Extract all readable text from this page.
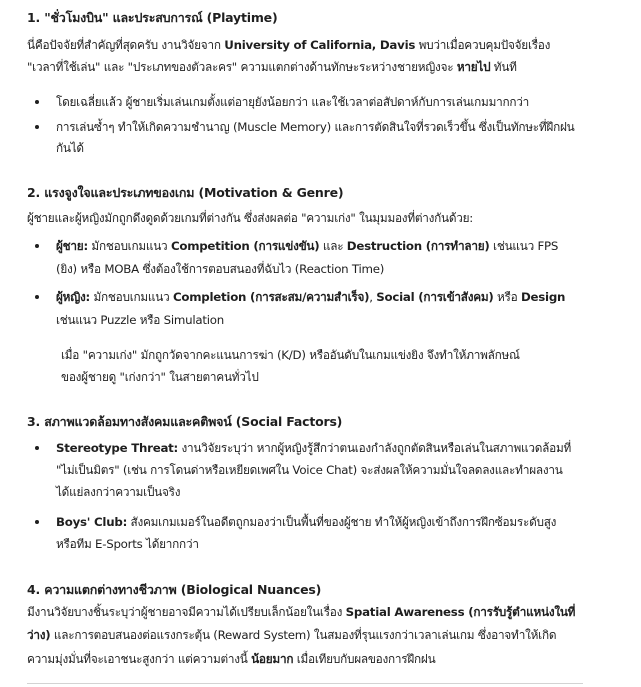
1. "ชั่วโมงบิน" และประสบการณ์ (Playtime)
นี่คือปัจจัยที่สำคัญที่สุดครับ งานวิจัยจาก University of California, Davis พบว่าเมื่อควบคุมปัจจัยเรื่อง
"เวลาที่ใช้เล่น" และ "ประเภทของตัวละคร" ความแตกต่างด้านทักษะระหว่างชายหญิงจะ หายไป ทันที
โดยเฉลี่ยแล้ว ผู้ชายเริ่มเล่นเกมตั้งแต่อายุยังน้อยกว่า และใช้เวลาต่อสัปดาห์กับการเล่นเกมมากกว่า
การเล่นซ้ำๆ ทำให้เกิดความชำนาญ (Muscle Memory) และการตัดสินใจที่รวดเร็วขึ้น ซึ่งเป็นทักษะที่ฝึกฝน
กันได้
2. แรงจูงใจและประเภทของเกม (Motivation & Genre)
ผู้ชายและผู้หญิงมักถูกดึงดูดด้วยเกมที่ต่างกัน ซึ่งส่งผลต่อ "ความเก่ง" ในมุมมองที่ต่างกันด้วย:
ผู้ชาย: มักชอบเกมแนว Competition (การแข่งขัน) และ Destruction (การทำลาย) เช่นแนว FPS
(ยิง) หรือ MOBA ซึ่งต้องใช้การตอบสนองที่ฉับไว (Reaction Time)
ผู้หญิง: มักชอบเกมแนว Completion (การสะสม/ความสำเร็จ), Social (การเข้าสังคม) หรือ Design
เช่นแนว Puzzle หรือ Simulation
เมื่อ "ความเก่ง" มักถูกวัดจากคะแนนการฆ่า (K/D) หรืออันดับในเกมแข่งยิง จึงทำให้ภาพลักษณ์
ของผู้ชายดู "เก่งกว่า" ในสายตาคนทั่วไป
3. สภาพแวดล้อมทางสังคมและคติพจน์ (Social Factors)
Stereotype Threat: งานวิจัยระบุว่า หากผู้หญิงรู้สึกว่าตนเองกำลังถูกตัดสินหรือเล่นในสภาพแวดล้อมที่
"ไม่เป็นมิตร" (เช่น การโดนด่าหรือเหยียดเพศใน Voice Chat) จะส่งผลให้ความมั่นใจลดลงและทำผลงาน
ได้แย่ลงกว่าความเป็นจริง
Boys' Club: สังคมเกมเมอร์ในอดีตถูกมองว่าเป็นพื้นที่ของผู้ชาย ทำให้ผู้หญิงเข้าถึงการฝึกซ้อมระดับสูง
หรือทีม E-Sports ได้ยากกว่า
4. ความแตกต่างทางชีวภาพ (Biological Nuances)
มีงานวิจัยบางชิ้นระบุว่าผู้ชายอาจมีความได้เปรียบเล็กน้อยในเรื่อง Spatial Awareness (การรับรู้ตำแหน่งในที่
ว่าง) และการตอบสนองต่อแรงกระตุ้น (Reward System) ในสมองที่รุนแรงกว่าเวลาเล่นเกม ซึ่งอาจทำให้เกิด
ความมุ่งมั่นที่จะเอาชนะสูงกว่า แต่ความต่างนี้ น้อยมาก เมื่อเทียบกับผลของการฝึกฝน
